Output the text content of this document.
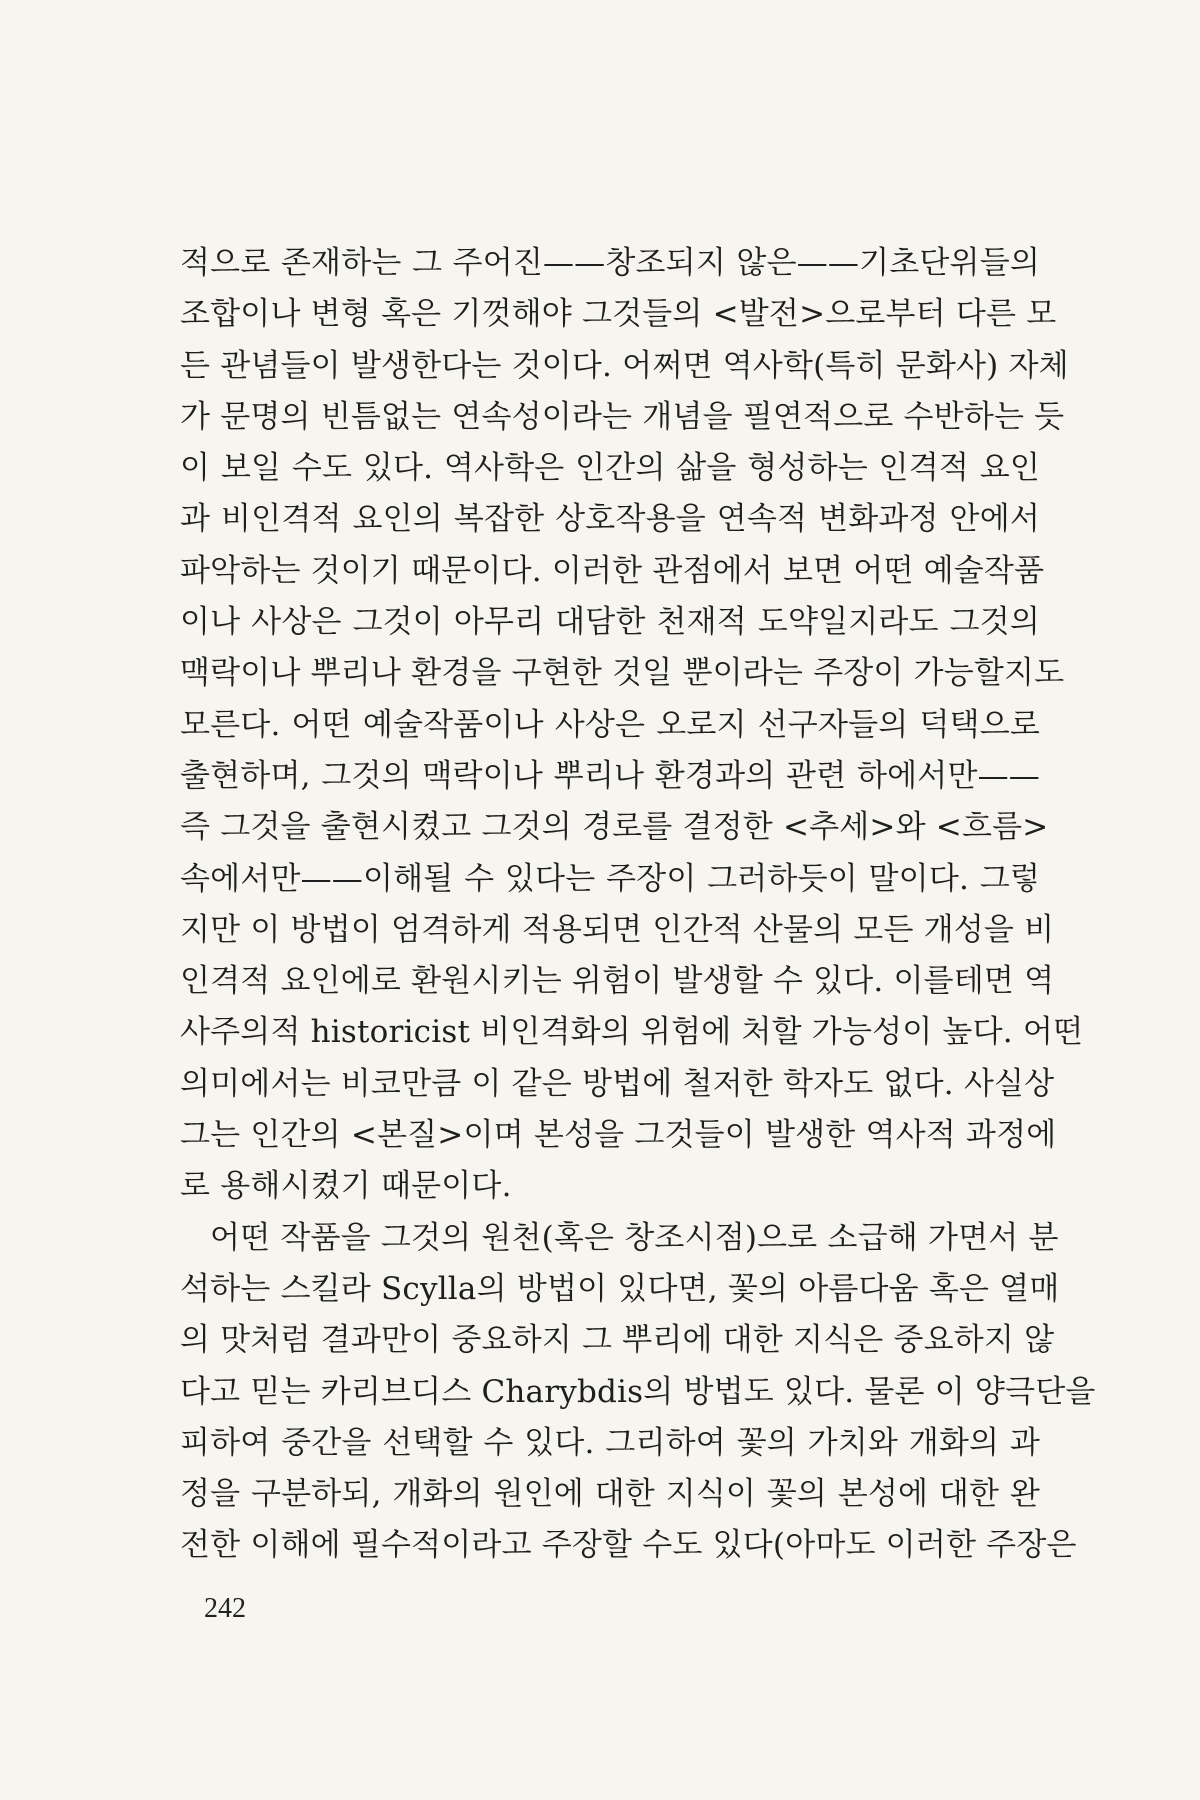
적으로 존재하는 그 주어진——창조되지 않은——기초단위들의
조합이나 변형 혹은 기껏해야 그것들의 <발전>으로부터 다른 모
든 관념들이 발생한다는 것이다. 어쩌면 역사학(특히 문화사) 자체
가 문명의 빈틈없는 연속성이라는 개념을 필연적으로 수반하는 듯
이 보일 수도 있다. 역사학은 인간의 삶을 형성하는 인격적 요인
과 비인격적 요인의 복잡한 상호작용을 연속적 변화과정 안에서
파악하는 것이기 때문이다. 이러한 관점에서 보면 어떤 예술작품
이나 사상은 그것이 아무리 대담한 천재적 도약일지라도 그것의
맥락이나 뿌리나 환경을 구현한 것일 뿐이라는 주장이 가능할지도
모른다. 어떤 예술작품이나 사상은 오로지 선구자들의 덕택으로
출현하며, 그것의 맥락이나 뿌리나 환경과의 관련 하에서만——
즉 그것을 출현시켰고 그것의 경로를 결정한 <추세>와 <흐름>
속에서만——이해될 수 있다는 주장이 그러하듯이 말이다. 그렇
지만 이 방법이 엄격하게 적용되면 인간적 산물의 모든 개성을 비
인격적 요인에로 환원시키는 위험이 발생할 수 있다. 이를테면 역
사주의적 historicist 비인격화의 위험에 처할 가능성이 높다. 어떤
의미에서는 비코만큼 이 같은 방법에 철저한 학자도 없다. 사실상
그는 인간의 <본질>이며 본성을 그것들이 발생한 역사적 과정에
로 용해시켰기 때문이다.
어떤 작품을 그것의 원천(혹은 창조시점)으로 소급해 가면서 분
석하는 스킬라 Scylla의 방법이 있다면, 꽃의 아름다움 혹은 열매
의 맛처럼 결과만이 중요하지 그 뿌리에 대한 지식은 중요하지 않
다고 믿는 카리브디스 Charybdis의 방법도 있다. 물론 이 양극단을
피하여 중간을 선택할 수 있다. 그리하여 꽃의 가치와 개화의 과
정을 구분하되, 개화의 원인에 대한 지식이 꽃의 본성에 대한 완
전한 이해에 필수적이라고 주장할 수도 있다(아마도 이러한 주장은
242
